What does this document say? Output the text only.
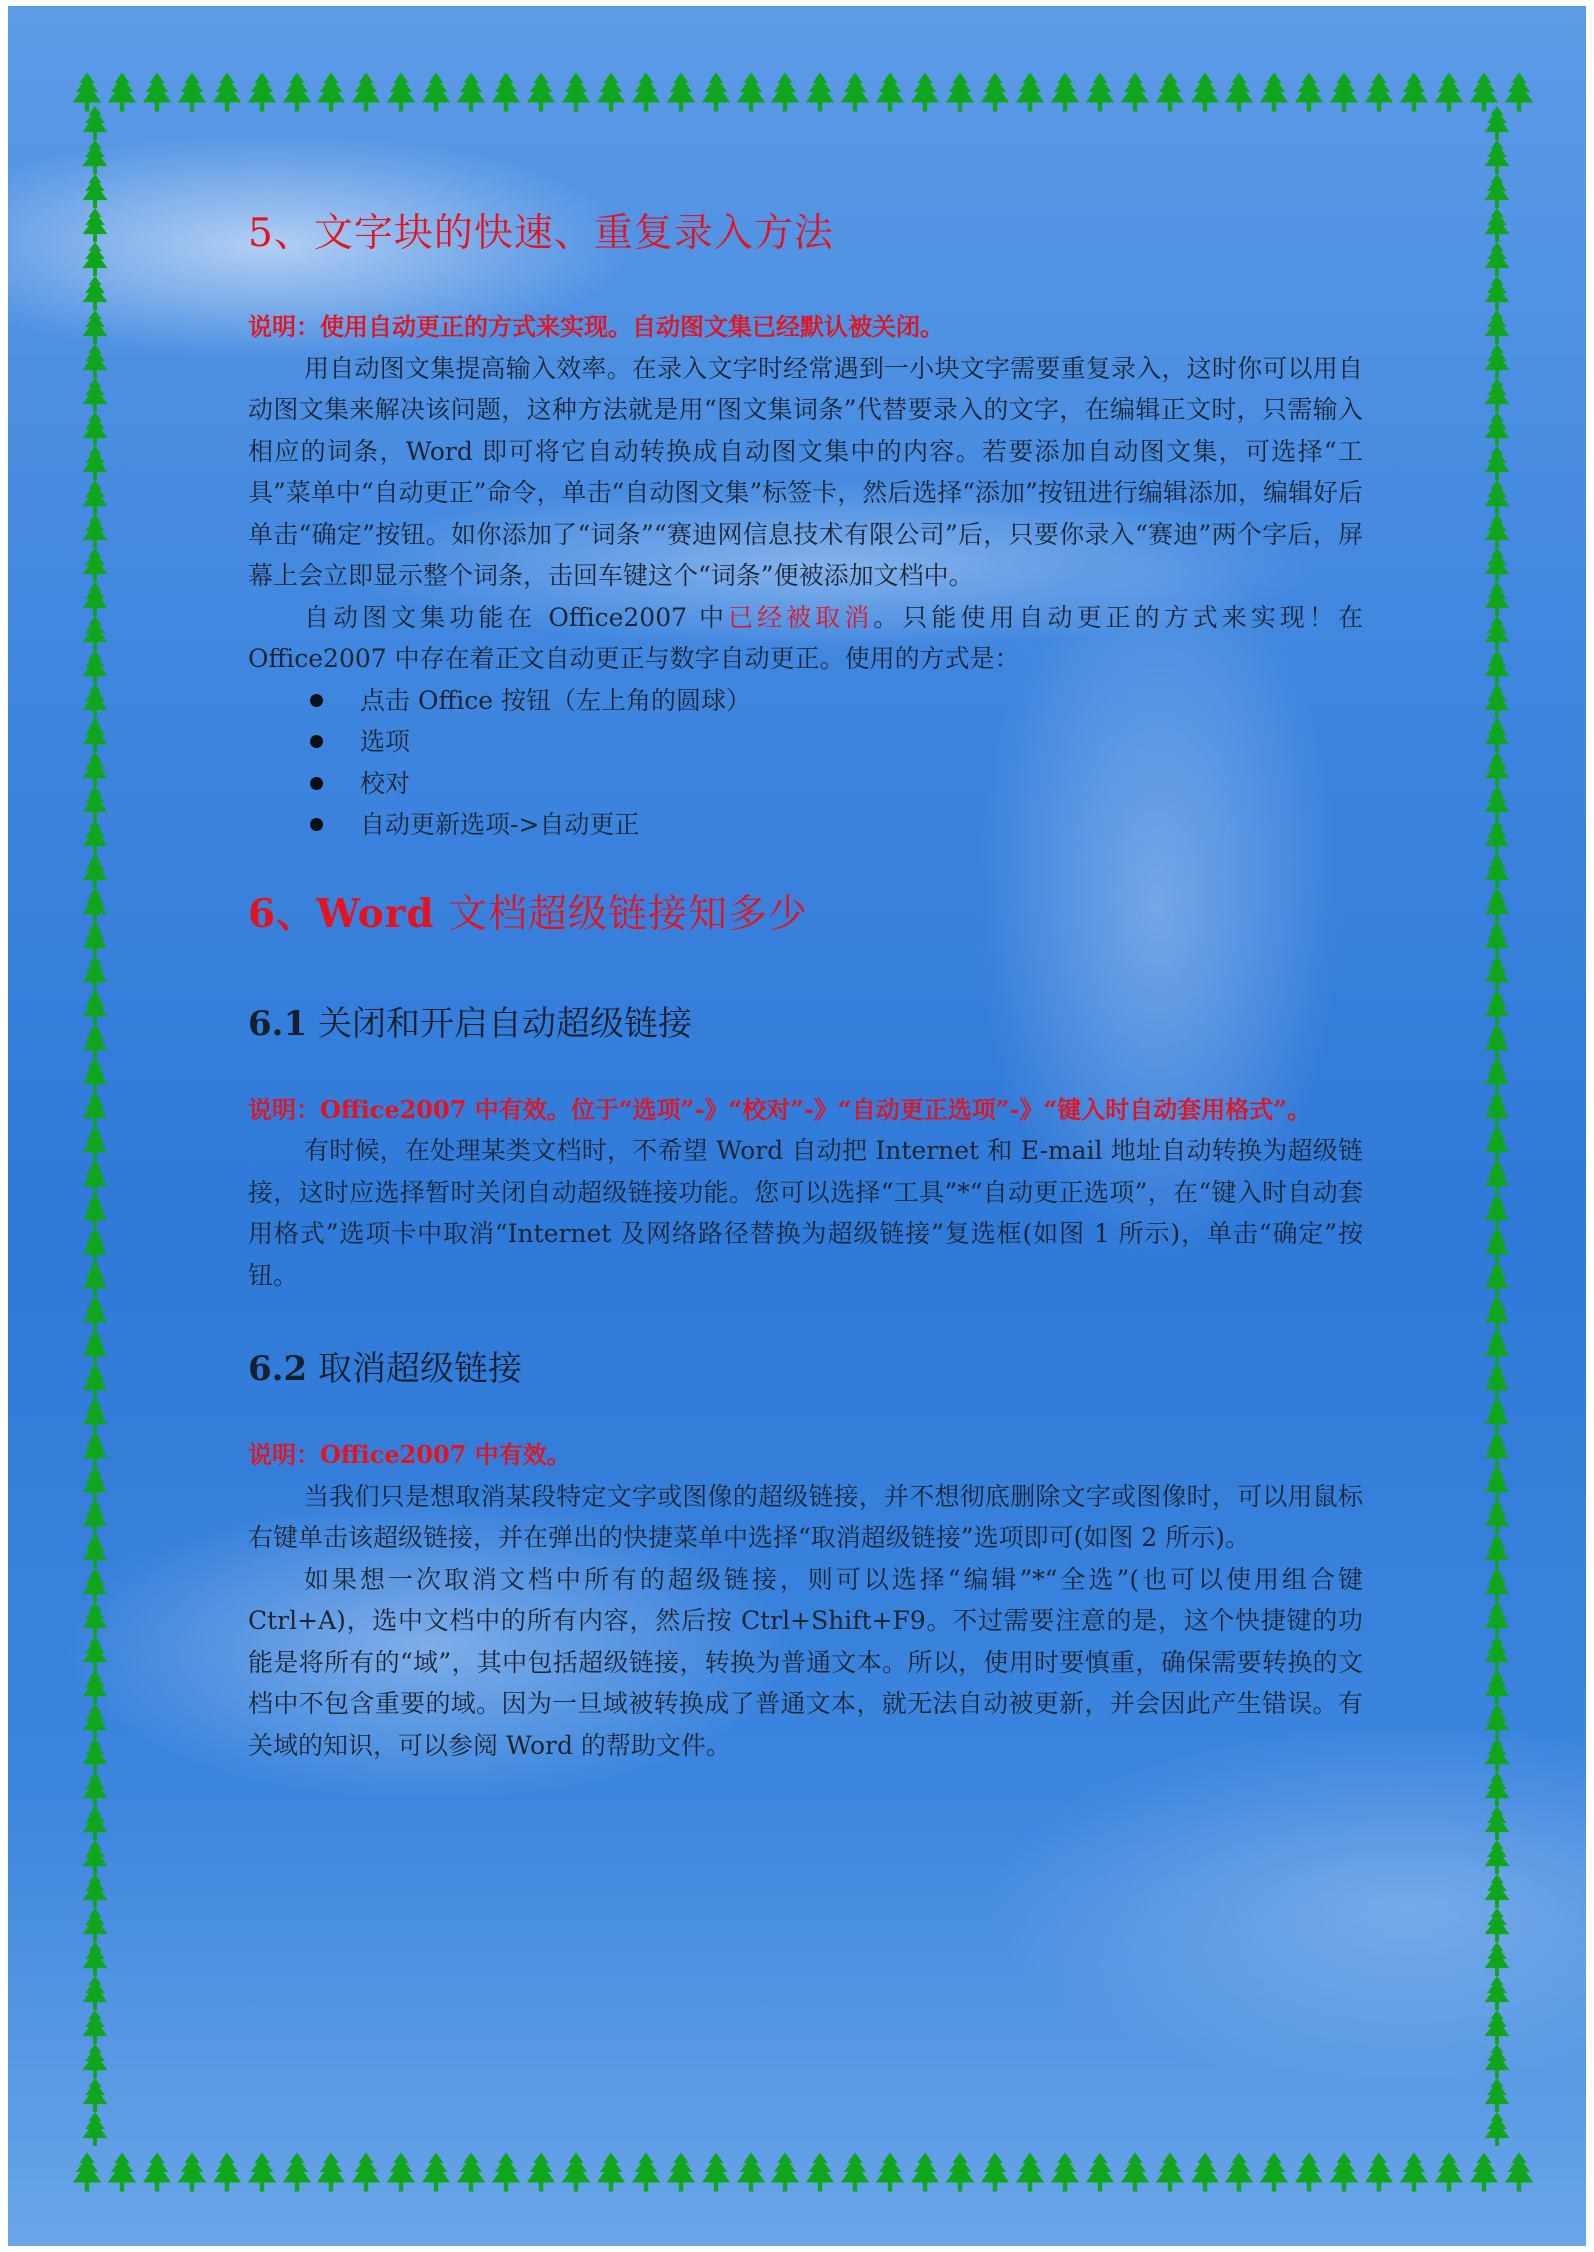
5、文字块的快速、重复录入方法

说明：使用自动更正的方式来实现。自动图文集已经默认被关闭。

用自动图文集提高输入效率。在录入文字时经常遇到一小块文字需要重复录入，这时你可以用自动图文集来解决该问题，这种方法就是用“图文集词条”代替要录入的文字，在编辑正文时，只需输入相应的词条，Word 即可将它自动转换成自动图文集中的内容。若要添加自动图文集，可选择“工具”菜单中“自动更正”命令，单击“自动图文集”标签卡，然后选择“添加”按钮进行编辑添加，编辑好后单击“确定”按钮。如你添加了“词条”“赛迪网信息技术有限公司”后，只要你录入“赛迪”两个字后，屏幕上会立即显示整个词条，击回车键这个“词条”便被添加文档中。

自动图文集功能在 Office2007 中已经被取消。只能使用自动更正的方式来实现！在 Office2007 中存在着正文自动更正与数字自动更正。使用的方式是：

点击 Office 按钮（左上角的圆球）
选项
校对
自动更新选项->自动更正
6、Word 文档超级链接知多少
6.1 关闭和开启自动超级链接

说明：Office2007 中有效。位于“选项”-》“校对”-》“自动更正选项”-》“键入时自动套用格式”。

有时候，在处理某类文档时，不希望 Word 自动把 Internet 和 E-mail 地址自动转换为超级链接，这时应选择暂时关闭自动超级链接功能。您可以选择“工具”*“自动更正选项”，在“键入时自动套用格式”选项卡中取消“Internet 及网络路径替换为超级链接”复选框(如图 1 所示)，单击“确定”按钮。

6.2 取消超级链接

说明：Office2007 中有效。

当我们只是想取消某段特定文字或图像的超级链接，并不想彻底删除文字或图像时，可以用鼠标右键单击该超级链接，并在弹出的快捷菜单中选择“取消超级链接”选项即可(如图 2 所示)。

如果想一次取消文档中所有的超级链接，则可以选择“编辑”*“全选”(也可以使用组合键 Ctrl+A)，选中文档中的所有内容，然后按 Ctrl+Shift+F9。不过需要注意的是，这个快捷键的功能是将所有的“域”，其中包括超级链接，转换为普通文本。所以，使用时要慎重，确保需要转换的文档中不包含重要的域。因为一旦域被转换成了普通文本，就无法自动被更新，并会因此产生错误。有关域的知识，可以参阅 Word 的帮助文件。
